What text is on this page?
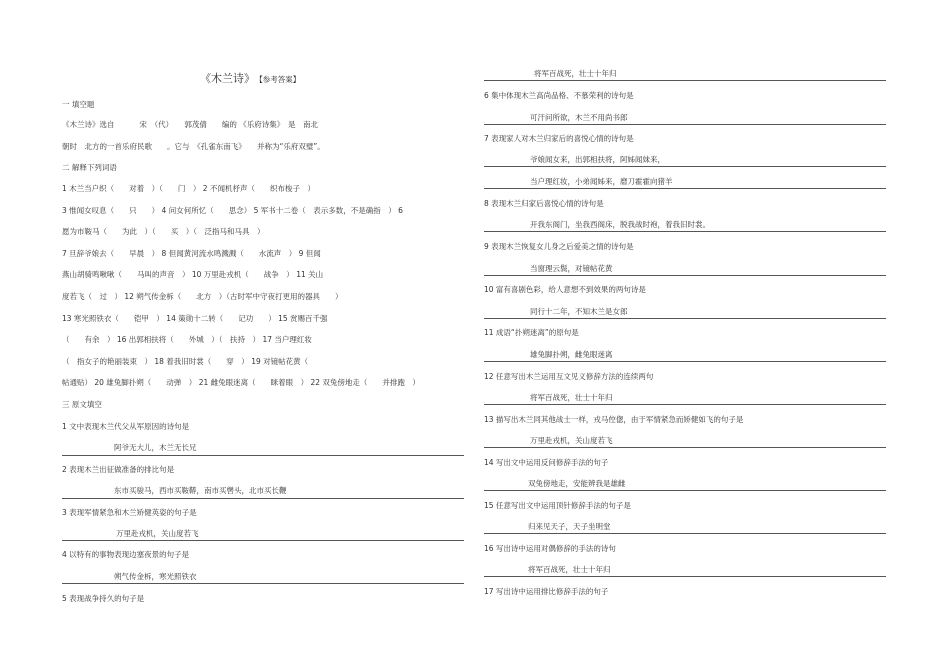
《木兰诗》 【参考答案】
一 填空题
《木兰诗》选自 　　　宋　（代）　　郭茂倩　　编的 《乐府诗集》　是　南北
朝时　北方的一首乐府民歌　　。它与　《孔雀东南飞》　　并称为“乐府双璧”。
二 解释下列词语
1 木兰当户织（　　对着　）（　　门　） 2 不闻机杼声（　　织布梭子　）
3 惟闻女叹息（　　只　　） 4 问女何所忆（　　思念） 5 军书十二卷（　表示多数，不是确指　） 6
愿为市鞍马（　　为此　）（　　买　）（　泛指马和马具　）
7 旦辞爷娘去（　　早晨　） 8 但闻黄河流水鸣溅溅（　　水流声　） 9 但闻
燕山胡骑鸣啾啾（　　马叫的声音　） 10 万里赴戎机（　　战争　） 11 关山
度若飞（　过　） 12 朔气传金柝（　　北方　）（古时军中守夜打更用的器具　　）
13 寒光照铁衣（　　铠甲　） 14 策勋十二转（　　记功　　） 15 赏赐百千强
（　　有余　） 16 出郭相扶将（　　外城　）（　扶持　） 17 当户理红妆
（　指女子的艳丽装束　） 18 着我旧时裳（　　穿　） 19 对镜帖花黄（
帖通贴） 20 雄兔脚扑朔（　　动弹　） 21 雌兔眼迷离（　　眯着眼　） 22 双兔傍地走（　　并排跑　）
三 原文填空
1 文中表现木兰代父从军原因的诗句是
阿爷无大儿，木兰无长兄
2 表现木兰出征做准备的排比句是
东市买骏马，西市买鞍鞯，南市买辔头，北市买长鞭
3 表现军情紧急和木兰矫健英姿的句子是
万里赴戎机，关山度若飞
4 以特有的事物表现边塞夜景的句子是
朔气传金柝，寒光照铁衣
5 表现战争持久的句子是
将军百战死，壮士十年归
6 集中体现木兰高尚品格、不慕荣利的诗句是
可汗问所欲，木兰不用尚书郎
7 表现家人对木兰归家后的喜悦心情的诗句是
爷娘闻女来，出郭相扶将，阿姊闻妹来，
当户理红妆，小弟闻姊来，磨刀霍霍向猪羊
8 表现木兰归家后喜悦心情的诗句是
开我东阁门，坐我西阁床，脱我战时袍，着我旧时裳。
9 表现木兰恢复女儿身之后爱美之情的诗句是
当窗理云鬓，对镜帖花黄
10 富有喜剧色彩，给人意想不到效果的两句诗是
同行十二年，不知木兰是女郎
11 成语“扑朔迷离”的原句是
雄兔脚扑朔，雌兔眼迷离
12 任意写出木兰运用互文见义修辞方法的连续两句
将军百战死，壮士十年归
13 描写出木兰同其他战士一样，戎马倥偬，由于军情紧急而矫健如飞的句子是
万里赴戎机，关山度若飞
14 写出文中运用反问修辞手法的句子
双兔傍地走，安能辨我是雄雌
15 任意写出文中运用顶针修辞手法的句子是
归来见天子，天子坐明堂
16 写出诗中运用对偶修辞的手法的诗句
将军百战死，壮士十年归
17 写出诗中运用排比修辞手法的句子
